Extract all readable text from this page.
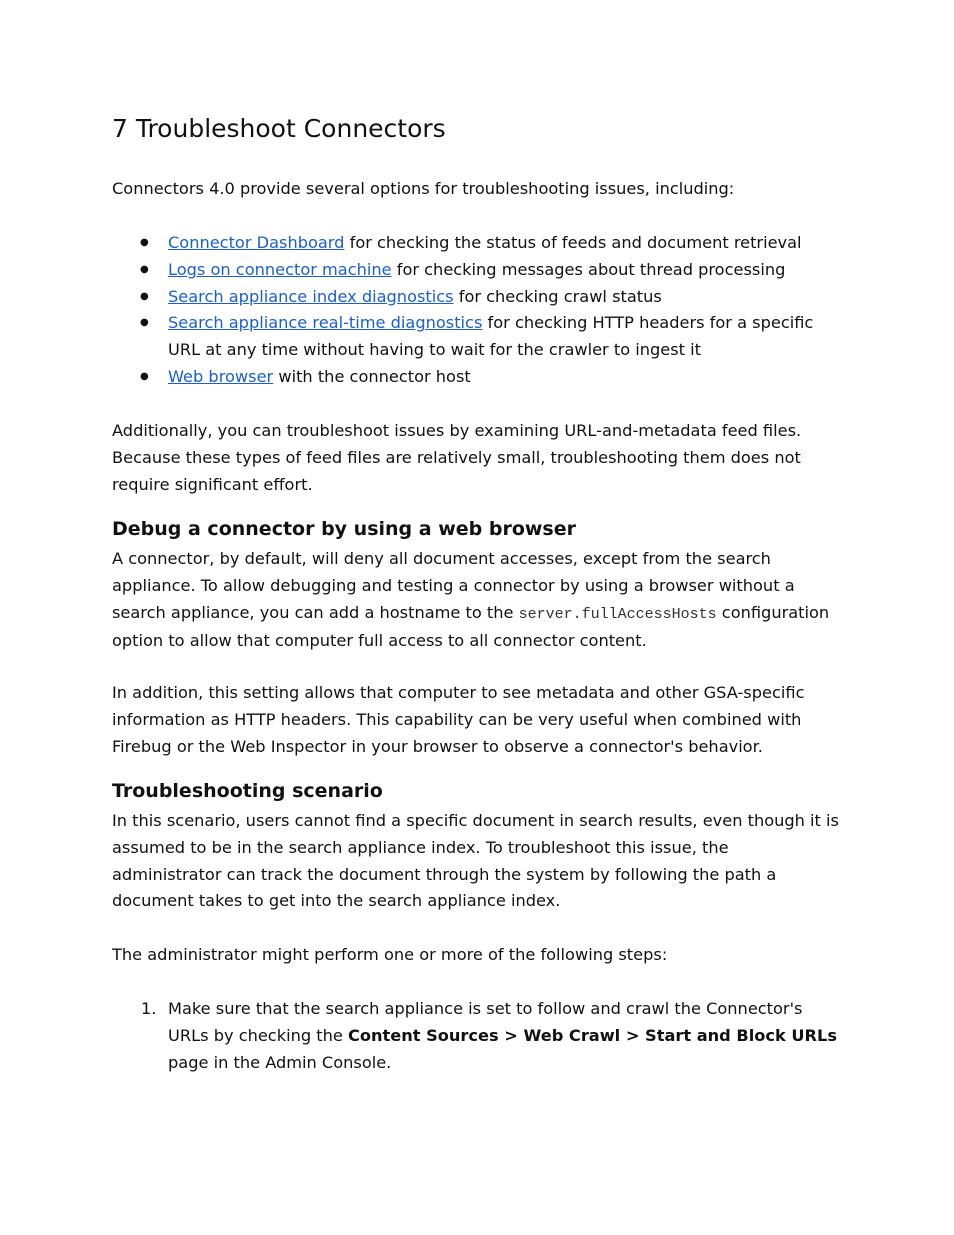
7 Troubleshoot Connectors

Connectors 4.0 provide several options for troubleshooting issues, including:

● Connector Dashboard for checking the status of feeds and document retrieval
● Logs on connector machine for checking messages about thread processing
● Search appliance index diagnostics for checking crawl status
● Search appliance real-time diagnostics for checking HTTP headers for a specific URL at any time without having to wait for the crawler to ingest it
● Web browser with the connector host

Additionally, you can troubleshoot issues by examining URL-and-metadata feed files. Because these types of feed files are relatively small, troubleshooting them does not require significant effort.

Debug a connector by using a web browser

A connector, by default, will deny all document accesses, except from the search appliance. To allow debugging and testing a connector by using a browser without a search appliance, you can add a hostname to the server.fullAccessHosts configuration option to allow that computer full access to all connector content.

In addition, this setting allows that computer to see metadata and other GSA-specific information as HTTP headers. This capability can be very useful when combined with Firebug or the Web Inspector in your browser to observe a connector's behavior.

Troubleshooting scenario

In this scenario, users cannot find a specific document in search results, even though it is assumed to be in the search appliance index. To troubleshoot this issue, the administrator can track the document through the system by following the path a document takes to get into the search appliance index.

The administrator might perform one or more of the following steps:

1. Make sure that the search appliance is set to follow and crawl the Connector's URLs by checking the Content Sources > Web Crawl > Start and Block URLs page in the Admin Console.
